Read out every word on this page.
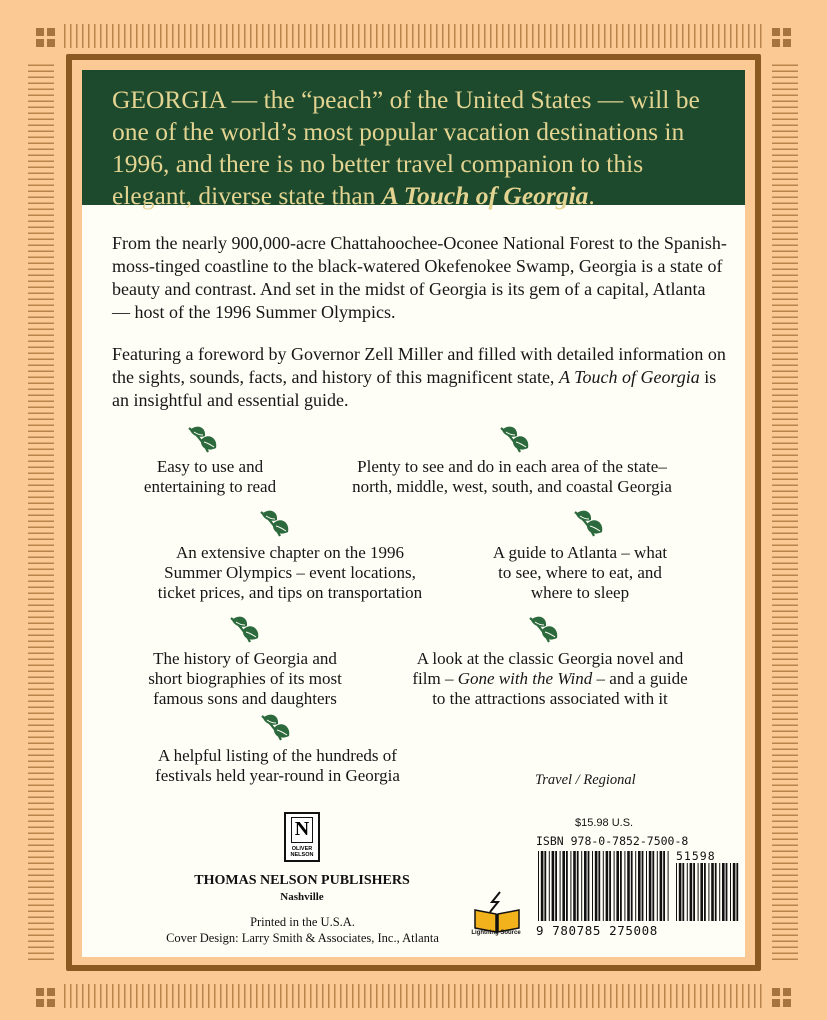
GEORGIA — the “peach” of the United States — will be one of the world’s most popular vacation destinations in 1996, and there is no better travel companion to this elegant, diverse state than A Touch of Georgia.
From the nearly 900,000-acre Chattahoochee-Oconee National Forest to the Spanish-moss-tinged coastline to the black-watered Okefenokee Swamp, Georgia is a state of beauty and contrast. And set in the midst of Georgia is its gem of a capital, Atlanta — host of the 1996 Summer Olympics.
Featuring a foreword by Governor Zell Miller and filled with detailed information on the sights, sounds, facts, and history of this magnificent state, A Touch of Georgia is an insightful and essential guide.
Easy to use and
entertaining to read
Plenty to see and do in each area of the state–
north, middle, west, south, and coastal Georgia
An extensive chapter on the 1996
Summer Olympics – event locations,
ticket prices, and tips on transportation
A guide to Atlanta – what
to see, where to eat, and
where to sleep
The history of Georgia and
short biographies of its most
famous sons and daughters
A look at the classic Georgia novel and
film – Gone with the Wind – and a guide
to the attractions associated with it
A helpful listing of the hundreds of
festivals held year-round in Georgia	Travel / Regional
N
OLIVER
NELSON
THOMAS NELSON PUBLISHERS
Nashville
Printed in the U.S.A.
Cover Design: Larry Smith & Associates, Inc., Atlanta	Lightning Source
$15.98 U.S.
ISBN 978-0-7852-7500-8
51598
9 780785 275008
